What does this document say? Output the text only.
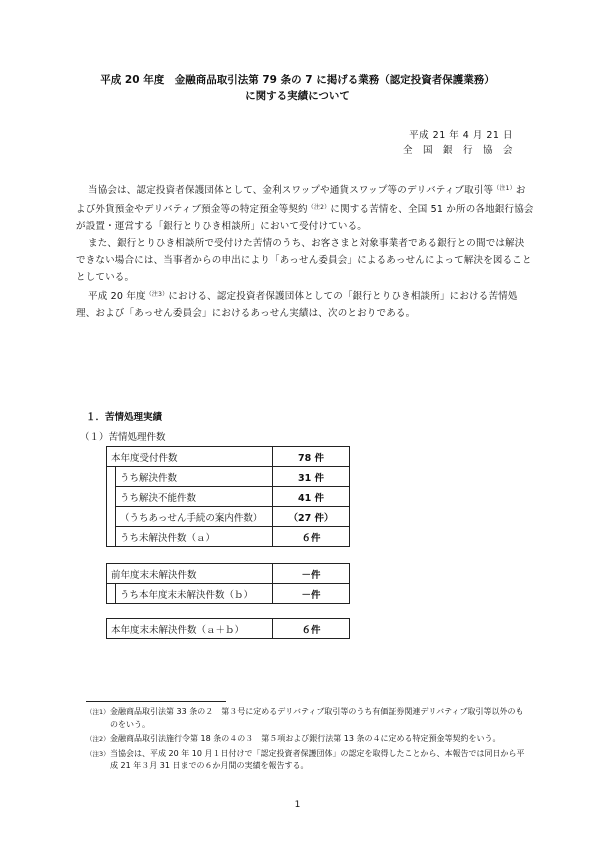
平成 20 年度　金融商品取引法第 79 条の 7 に掲げる業務（認定投資者保護業務）
に関する実績について
平成 21 年 4 月 21 日
全　国　銀　行　協　会

当協会は、認定投資者保護団体として、金利スワップや通貨スワップ等のデリバティブ取引等$^{(注1)}$および外貨預金やデリバティブ預金等の特定預金等契約$^{(注2)}$に関する苦情を、全国 51 か所の各地銀行協会が設置・運営する「銀行とりひき相談所」において受付けている。

また、銀行とりひき相談所で受付けた苦情のうち、お客さまと対象事業者である銀行との間では解決できない場合には、当事者からの申出により「あっせん委員会」によるあっせんによって解決を図ることとしている。

平成 20 年度$^{(注3)}$における、認定投資者保護団体としての「銀行とりひき相談所」における苦情処理、および「あっせん委員会」におけるあっせん実績は、次のとおりである。

１．苦情処理実績
（１）苦情処理件数
本年度受付件数		78 件
	うち解決件数	31 件
	うち解決不能件数	41 件
	（うちあっせん手続の案内件数）	（27 件）
	うち未解決件数（ａ）	６件
前年度末未解決件数		－件
	うち本年度末未解決件数（ｂ）	－件
本年度末未解決件数（ａ＋ｂ）	６件
（注1） 金融商品取引法第 33 条の２　第３号に定めるデリバティブ取引等のうち有価証券関連デリバティブ取引等以外のものをいう。
（注2） 金融商品取引法施行令第 18 条の４の３　第５項および銀行法第 13 条の４に定める特定預金等契約をいう。
（注3） 当協会は、平成 20 年 10 月１日付けで「認定投資者保護団体」の認定を取得したことから、本報告では同日から平成 21 年３月 31 日までの６か月間の実績を報告する。
1
